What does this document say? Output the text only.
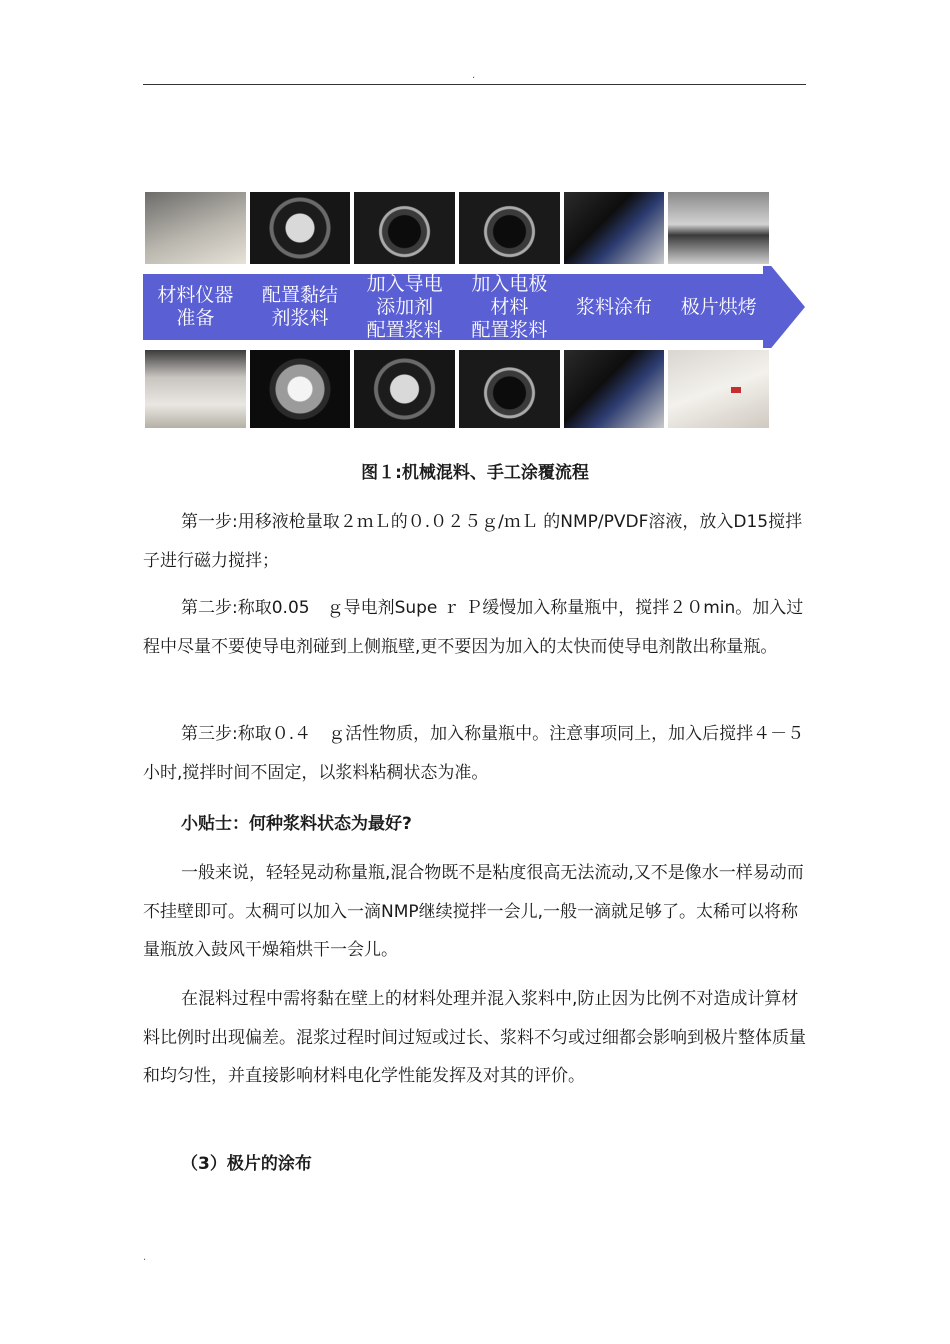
.
材料仪器
准备
配置黏结
剂浆料
加入导电
添加剂
配置浆料
加入电极
材料
配置浆料
浆料涂布	极片烘烤
图１:机械混料、手工涂覆流程

第一步:用移液枪量取２ｍＬ的０.０２５ｇ/ｍＬ 的NMP/PVDF溶液，放入D15搅拌子进行磁力搅拌；

第二步:称取0.05　ｇ导电剂Supe ｒ Ｐ缓慢加入称量瓶中，搅拌２０min。加入过程中尽量不要使导电剂碰到上侧瓶壁,更不要因为加入的太快而使导电剂散出称量瓶。

第三步:称取０.４　ｇ活性物质，加入称量瓶中。注意事项同上，加入后搅拌４－５小时,搅拌时间不固定，以浆料粘稠状态为准。

小贴士：何种浆料状态为最好?

一般来说，轻轻晃动称量瓶,混合物既不是粘度很高无法流动,又不是像水一样易动而不挂壁即可。太稠可以加入一滴NMP继续搅拌一会儿,一般一滴就足够了。太稀可以将称量瓶放入鼓风干燥箱烘干一会儿。

在混料过程中需将黏在壁上的材料处理并混入浆料中,防止因为比例不对造成计算材料比例时出现偏差。混浆过程时间过短或过长、浆料不匀或过细都会影响到极片整体质量和均匀性，并直接影响材料电化学性能发挥及对其的评价。

（3）极片的涂布

.
